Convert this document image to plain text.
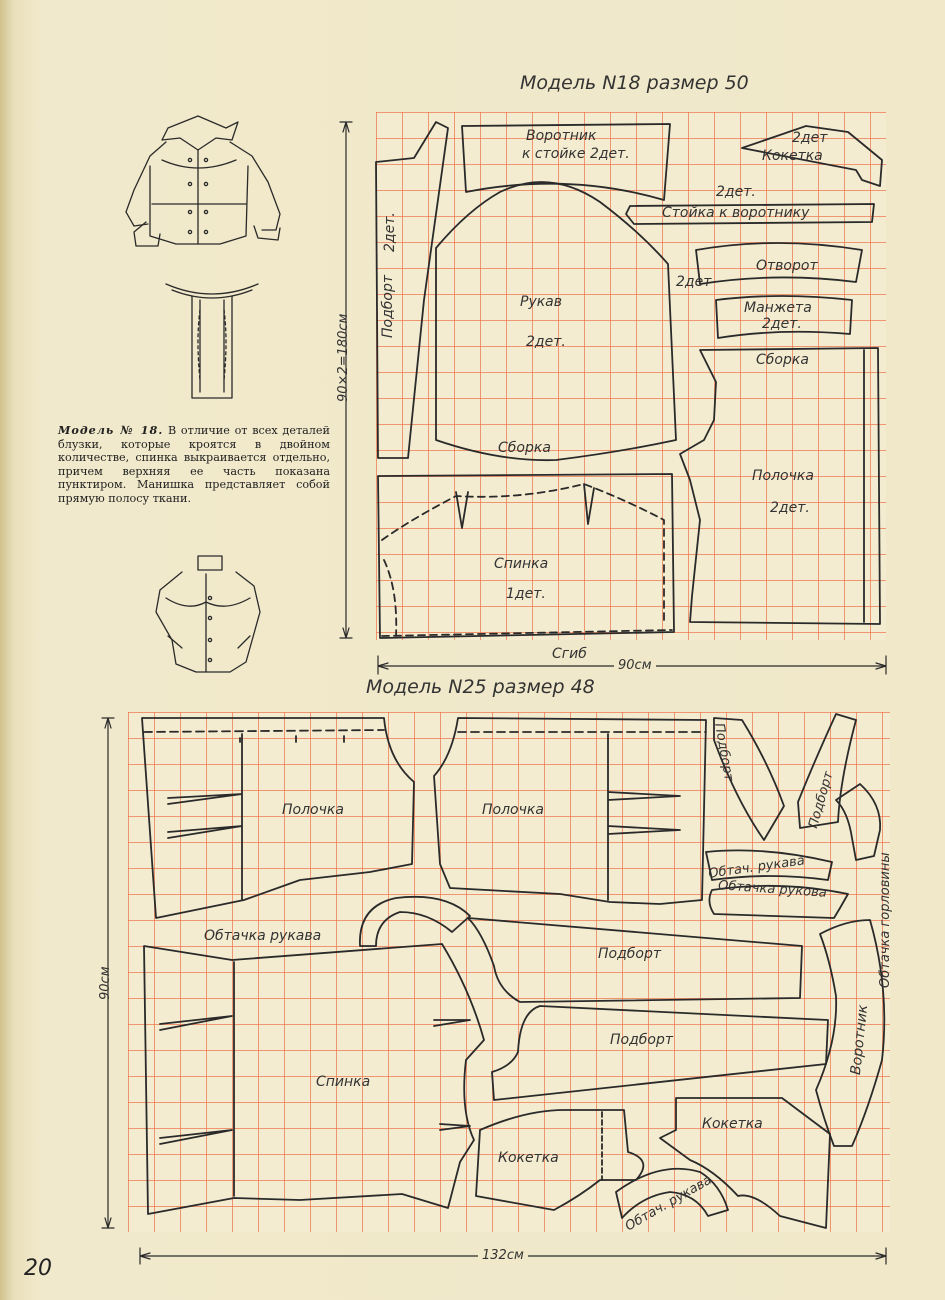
Модель № 18. В отличие от всех деталей блузки, которые кроятся в двойном количестве, спинка выкраивается отдельно, причем верхняя ее часть показана пунктиром. Манишка представляет собой прямую полосу ткани.
Модель N18 размер 50
90×2=180см
90см
Сгиб
Подборт
2дет.
Воротник
к стойке 2дет.
2дет
Кокетка
2дет.
Стойка к воротнику
Рукав
2дет.
Сборка
2дет
Отворот
Манжета
2дет.
Сборка
Полочка
2дет.
Спинка
1дет.
Модель N25 размер 48
90см
132см
Полочка	Полочка
Обтачка рукава
Спинка
Подборт
Подборт
Подборт
Подборт
Обтач. рукава
Обтачка рукова	Обтачка горловины
Воротник
Кокетка
Кокетка
Обтач. рукава
20
